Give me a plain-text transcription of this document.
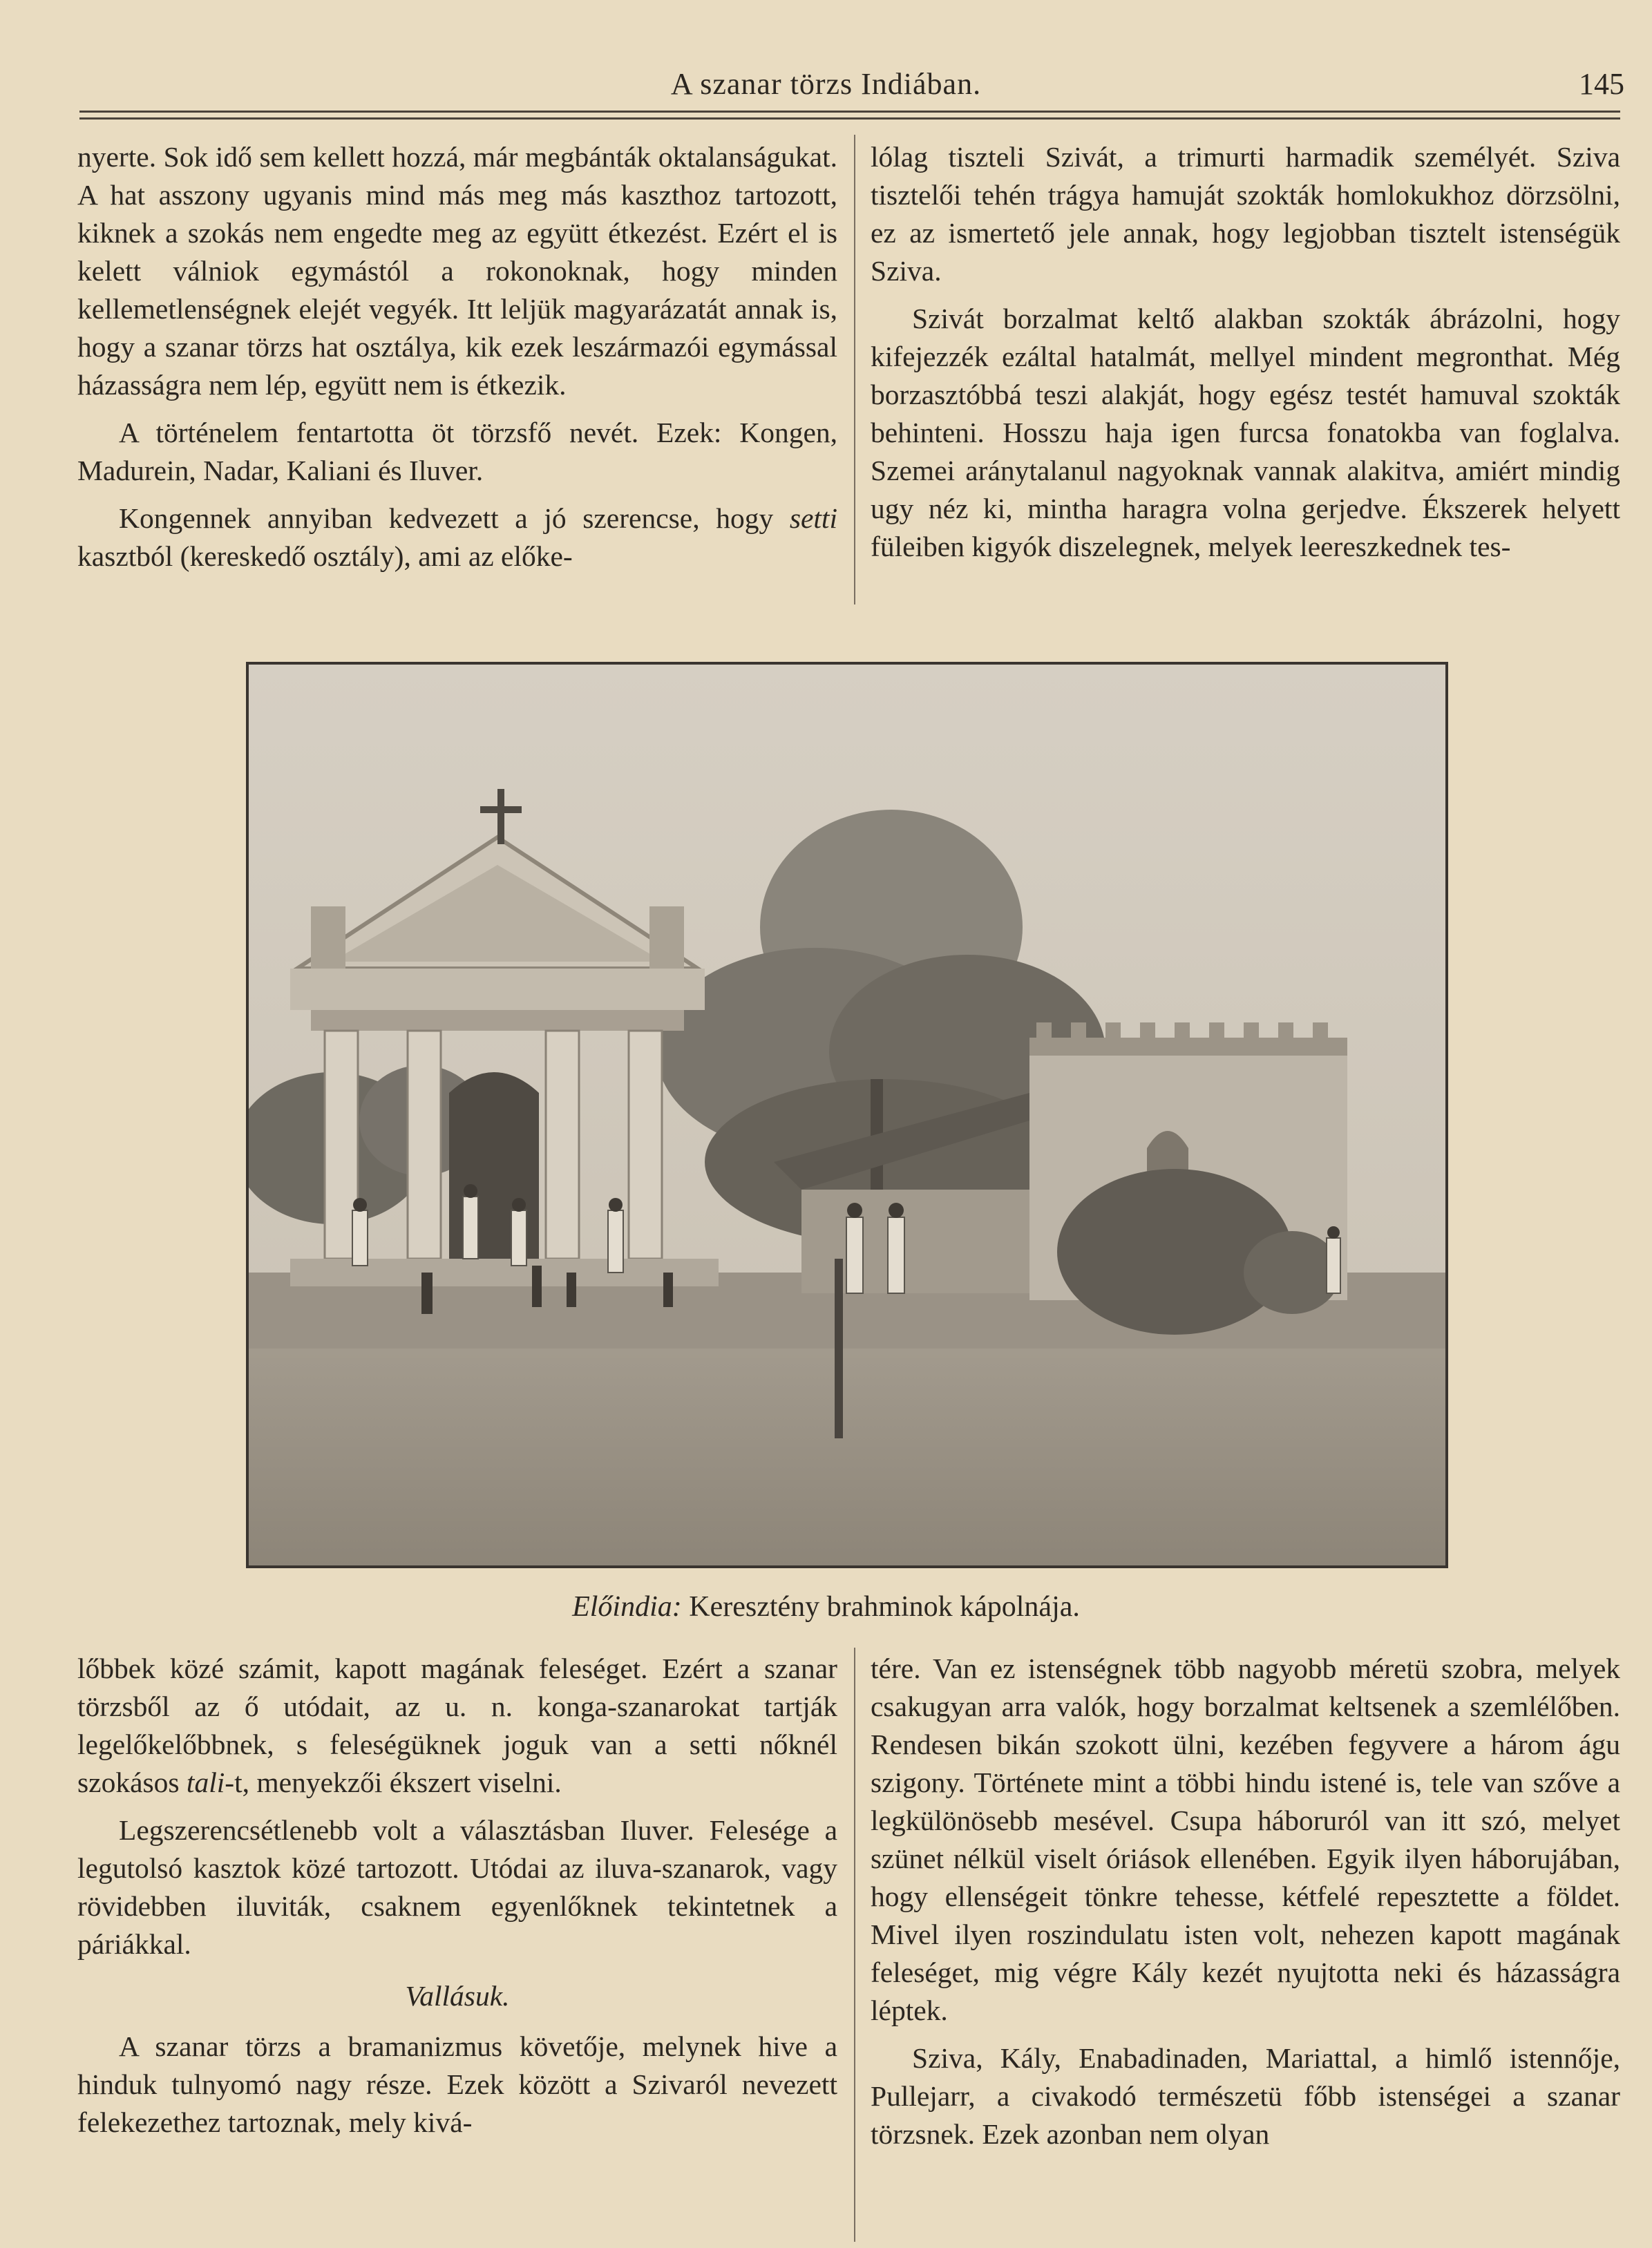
A szanar törzs Indiában.	145

nyerte. Sok idő sem kellett hozzá, már megbánták oktalanságukat. A hat asszony ugyanis mind más meg más kaszthoz tartozott, kiknek a szokás nem engedte meg az együtt étkezést. Ezért el is kelett válniok egymástól a rokonoknak, hogy minden kellemetlenségnek elejét vegyék. Itt leljük magyarázatát annak is, hogy a szanar törzs hat osztálya, kik ezek leszármazói egymással házasságra nem lép, együtt nem is étkezik.

A történelem fentartotta öt törzsfő nevét. Ezek: Kongen, Madurein, Nadar, Kaliani és Iluver.

Kongennek annyiban kedvezett a jó szerencse, hogy setti kasztból (kereskedő osztály), ami az előke-

lólag tiszteli Szivát, a trimurti harmadik személyét. Sziva tisztelői tehén trágya hamuját szokták homlokukhoz dörzsölni, ez az ismertető jele annak, hogy legjobban tisztelt istenségük Sziva.

Szivát borzalmat keltő alakban szokták ábrázolni, hogy kifejezzék ezáltal hatalmát, mellyel mindent megronthat. Még borzasztóbbá teszi alakját, hogy egész testét hamuval szokták behinteni. Hosszu haja igen furcsa fonatokba van foglalva. Szemei aránytalanul nagyoknak vannak alakitva, amiért mindig ugy néz ki, mintha haragra volna gerjedve. Ékszerek helyett füleiben kigyók diszelegnek, melyek leereszkednek tes-

Előindia: Keresztény brahminok kápolnája.

lőbbek közé számit, kapott magának feleséget. Ezért a szanar törzsből az ő utódait, az u. n. konga-szanarokat tartják legelőkelőbbnek, s feleségüknek joguk van a setti nőknél szokásos tali-t, menyekzői ékszert viselni.

Legszerencsétlenebb volt a választásban Iluver. Felesége a legutolsó kasztok közé tartozott. Utódai az iluva-szanarok, vagy rövidebben iluviták, csaknem egyenlőknek tekintetnek a páriákkal.

Vallásuk.

A szanar törzs a bramanizmus követője, melynek hive a hinduk tulnyomó nagy része. Ezek között a Szivaról nevezett felekezethez tartoznak, mely kivá-

tére. Van ez istenségnek több nagyobb méretü szobra, melyek csakugyan arra valók, hogy borzalmat keltsenek a szemlélőben. Rendesen bikán szokott ülni, kezében fegyvere a három águ szigony. Története mint a többi hindu istené is, tele van szőve a legkülönösebb mesével. Csupa háboruról van itt szó, melyet szünet nélkül viselt óriások ellenében. Egyik ilyen háborujában, hogy ellenségeit tönkre tehesse, kétfelé repesztette a földet. Mivel ilyen roszindulatu isten volt, nehezen kapott magának feleséget, mig végre Kály kezét nyujtotta neki és házasságra léptek.

Sziva, Kály, Enabadinaden, Mariattal, a himlő istennője, Pullejarr, a civakodó természetü főbb istenségei a szanar törzsnek. Ezek azonban nem olyan
